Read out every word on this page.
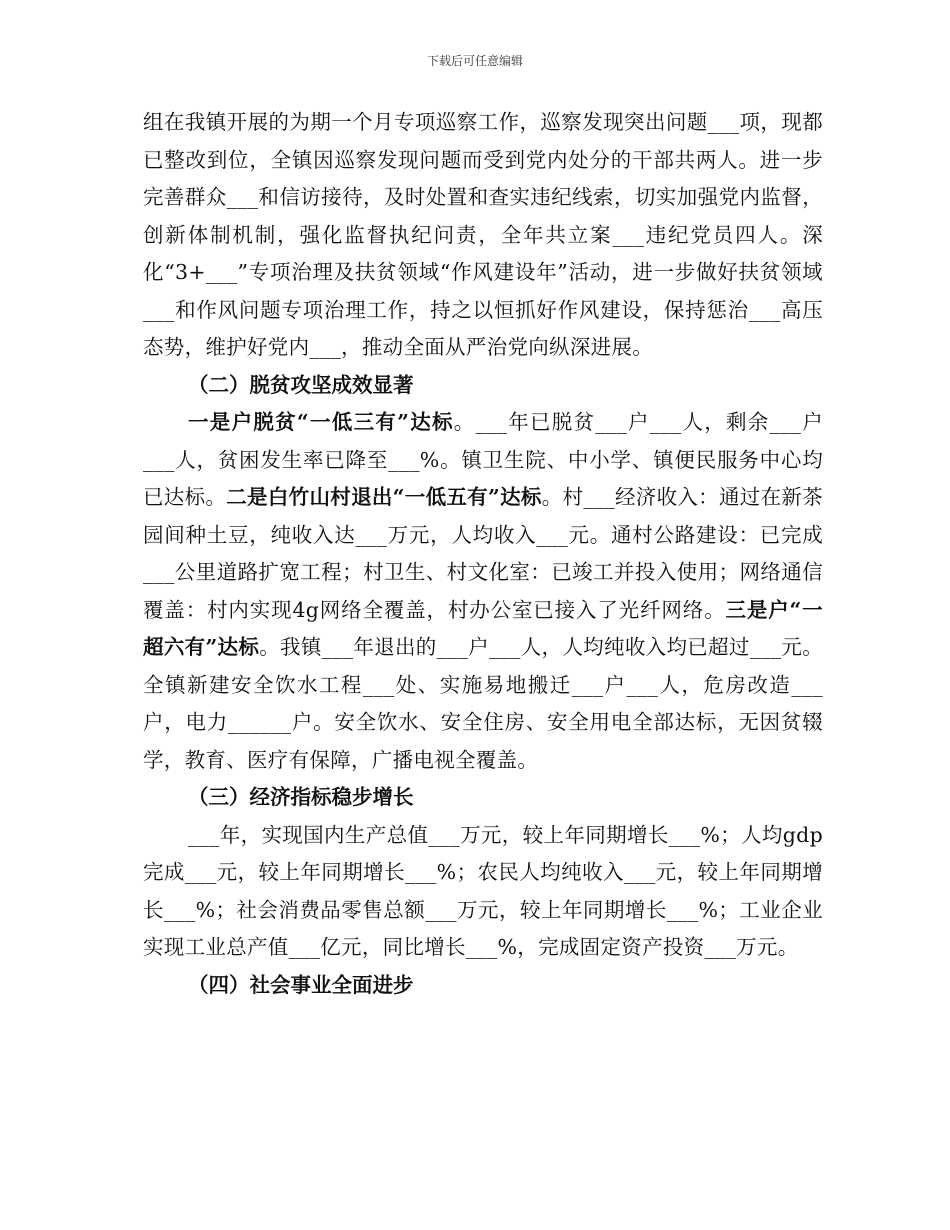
下载后可任意编辑

组在我镇开展的为期一个月专项巡察工作，巡察发现突出问题___项，现都已整改到位，全镇因巡察发现问题而受到党内处分的干部共两人。进一步完善群众___和信访接待，及时处置和查实违纪线索，切实加强党内监督，创新体制机制，强化监督执纪问责，全年共立案___违纪党员四人。深化“3+___”专项治理及扶贫领域“作风建设年”活动，进一步做好扶贫领域___和作风问题专项治理工作，持之以恒抓好作风建设，保持惩治___高压态势，维护好党内___，推动全面从严治党向纵深进展。

（二）脱贫攻坚成效显著

一是户脱贫“一低三有”达标。___年已脱贫___户___人，剩余___户___人，贫困发生率已降至___%。镇卫生院、中小学、镇便民服务中心均已达标。二是白竹山村退出“一低五有”达标。村___经济收入：通过在新茶园间种土豆，纯收入达___万元，人均收入___元。通村公路建设：已完成___公里道路扩宽工程；村卫生、村文化室：已竣工并投入使用；网络通信覆盖：村内实现4g网络全覆盖，村办公室已接入了光纤网络。三是户“一超六有”达标。我镇___年退出的___户___人，人均纯收入均已超过___元。全镇新建安全饮水工程___处、实施易地搬迁___户___人，危房改造___户，电力______户。安全饮水、安全住房、安全用电全部达标，无因贫辍学，教育、医疗有保障，广播电视全覆盖。

（三）经济指标稳步增长

___年，实现国内生产总值___万元，较上年同期增长___%；人均gdp完成___元，较上年同期增长___%；农民人均纯收入___元，较上年同期增长___%；社会消费品零售总额___万元，较上年同期增长___%；工业企业实现工业总产值___亿元，同比增长___%，完成固定资产投资___万元。

（四）社会事业全面进步
